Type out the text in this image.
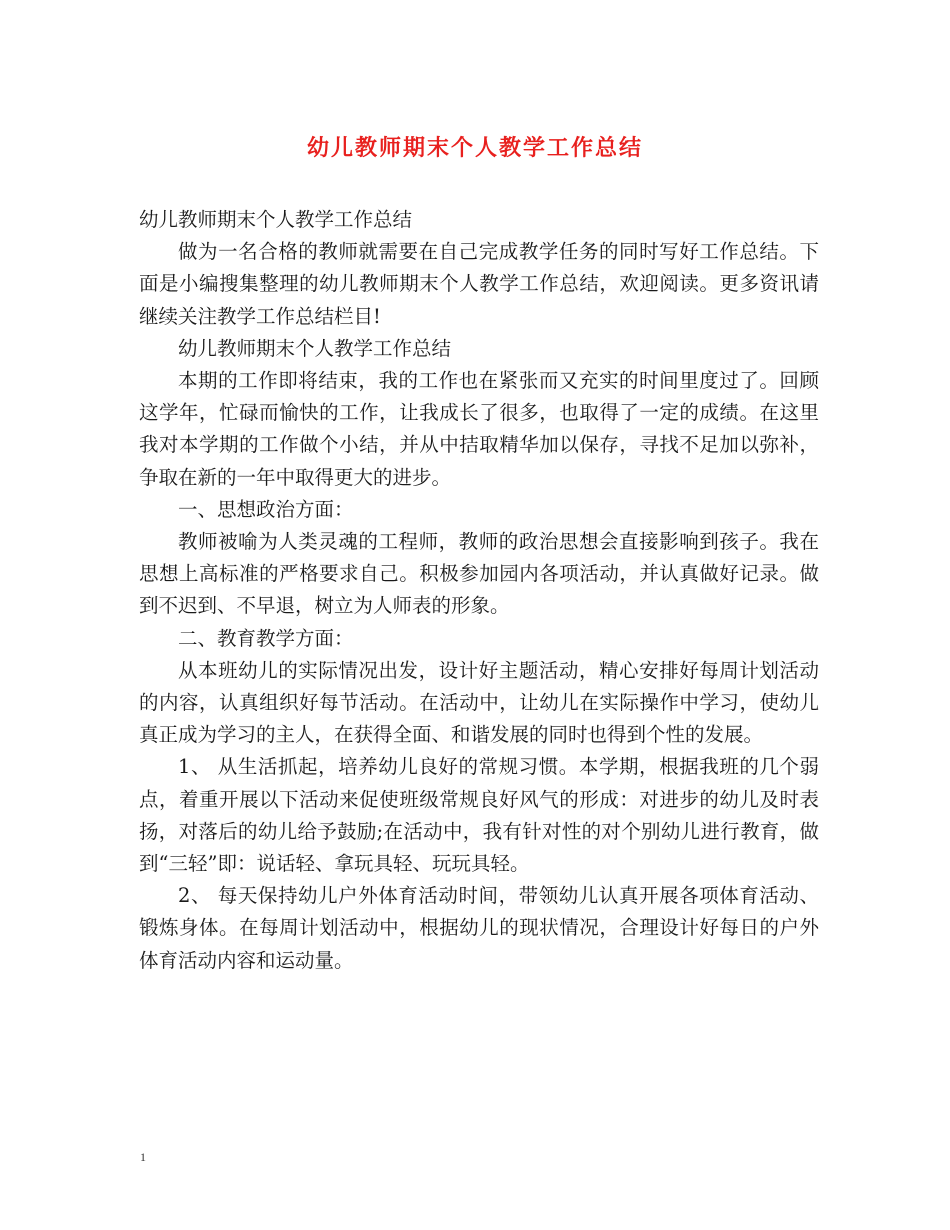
幼儿教师期末个人教学工作总结

幼儿教师期末个人教学工作总结

做为一名合格的教师就需要在自己完成教学任务的同时写好工作总结。下面是小编搜集整理的幼儿教师期末个人教学工作总结，欢迎阅读。更多资讯请继续关注教学工作总结栏目!

幼儿教师期末个人教学工作总结

本期的工作即将结束，我的工作也在紧张而又充实的时间里度过了。回顾这学年，忙碌而愉快的工作，让我成长了很多，也取得了一定的成绩。在这里我对本学期的工作做个小结，并从中拮取精华加以保存，寻找不足加以弥补，争取在新的一年中取得更大的进步。

一、思想政治方面：

教师被喻为人类灵魂的工程师，教师的政治思想会直接影响到孩子。我在思想上高标准的严格要求自己。积极参加园内各项活动，并认真做好记录。做到不迟到、不早退，树立为人师表的形象。

二、教育教学方面：

从本班幼儿的实际情况出发，设计好主题活动，精心安排好每周计划活动的内容，认真组织好每节活动。在活动中，让幼儿在实际操作中学习，使幼儿真正成为学习的主人，在获得全面、和谐发展的同时也得到个性的发展。

1、 从生活抓起，培养幼儿良好的常规习惯。本学期，根据我班的几个弱点，着重开展以下活动来促使班级常规良好风气的形成：对进步的幼儿及时表扬，对落后的幼儿给予鼓励;在活动中，我有针对性的对个别幼儿进行教育，做到“三轻”即：说话轻、拿玩具轻、玩玩具轻。

2、 每天保持幼儿户外体育活动时间，带领幼儿认真开展各项体育活动、锻炼身体。在每周计划活动中，根据幼儿的现状情况，合理设计好每日的户外体育活动内容和运动量。

1
